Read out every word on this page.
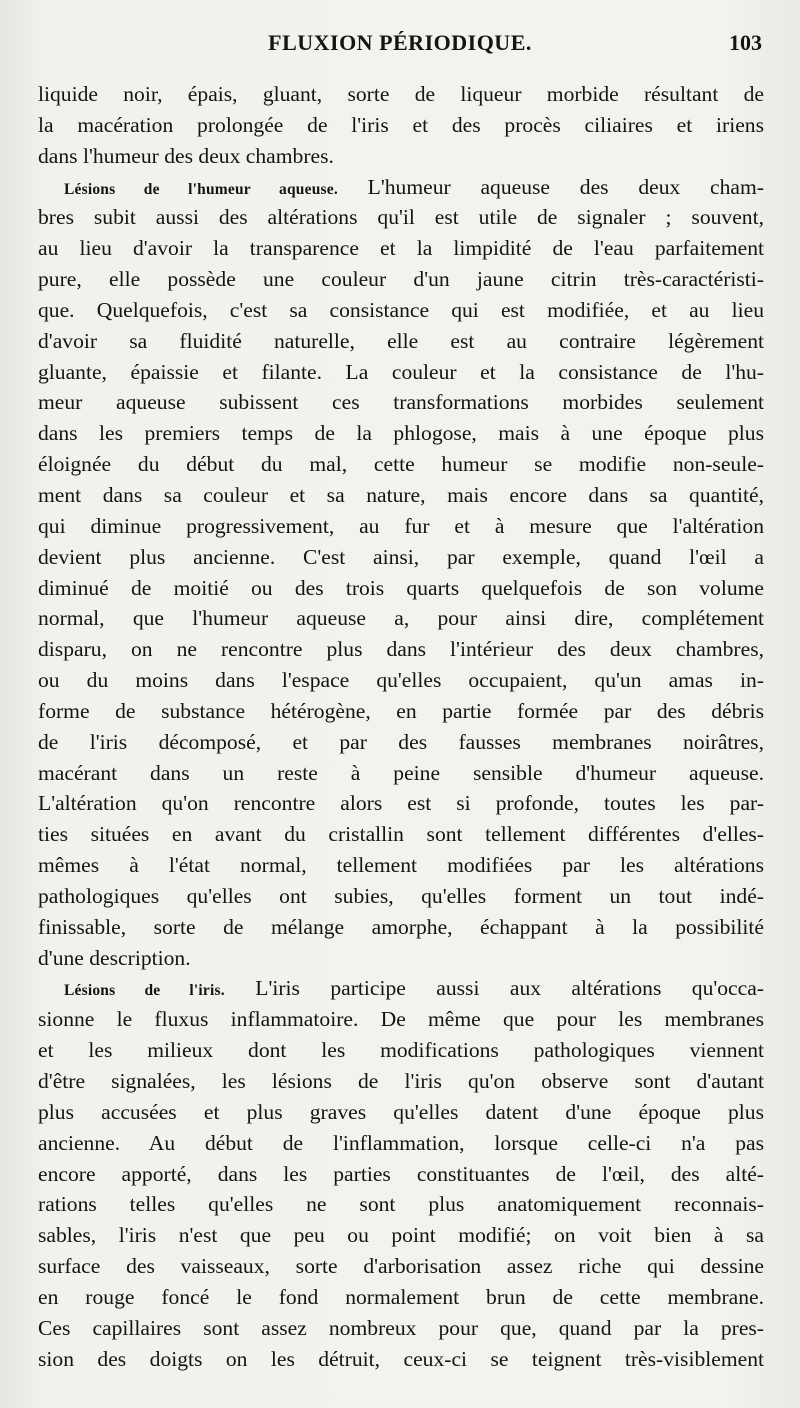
FLUXION PÉRIODIQUE.	103
liquide noir, épais, gluant, sorte de liqueur morbide résultant de
la macération prolongée de l'iris et des procès ciliaires et iriens
dans l'humeur des deux chambres.
Lésions de l'humeur aqueuse. L'humeur aqueuse des deux cham-
bres subit aussi des altérations qu'il est utile de signaler ; souvent,
au lieu d'avoir la transparence et la limpidité de l'eau parfaitement
pure, elle possède une couleur d'un jaune citrin très-caractéristi-
que. Quelquefois, c'est sa consistance qui est modifiée, et au lieu
d'avoir sa fluidité naturelle, elle est au contraire légèrement
gluante, épaissie et filante. La couleur et la consistance de l'hu-
meur aqueuse subissent ces transformations morbides seulement
dans les premiers temps de la phlogose, mais à une époque plus
éloignée du début du mal, cette humeur se modifie non-seule-
ment dans sa couleur et sa nature, mais encore dans sa quantité,
qui diminue progressivement, au fur et à mesure que l'altération
devient plus ancienne. C'est ainsi, par exemple, quand l'œil a
diminué de moitié ou des trois quarts quelquefois de son volume
normal, que l'humeur aqueuse a, pour ainsi dire, complétement
disparu, on ne rencontre plus dans l'intérieur des deux chambres,
ou du moins dans l'espace qu'elles occupaient, qu'un amas in-
forme de substance hétérogène, en partie formée par des débris
de l'iris décomposé, et par des fausses membranes noirâtres,
macérant dans un reste à peine sensible d'humeur aqueuse.
L'altération qu'on rencontre alors est si profonde, toutes les par-
ties situées en avant du cristallin sont tellement différentes d'elles-
mêmes à l'état normal, tellement modifiées par les altérations
pathologiques qu'elles ont subies, qu'elles forment un tout indé-
finissable, sorte de mélange amorphe, échappant à la possibilité
d'une description.
Lésions de l'iris. L'iris participe aussi aux altérations qu'occa-
sionne le fluxus inflammatoire. De même que pour les membranes
et les milieux dont les modifications pathologiques viennent
d'être signalées, les lésions de l'iris qu'on observe sont d'autant
plus accusées et plus graves qu'elles datent d'une époque plus
ancienne. Au début de l'inflammation, lorsque celle-ci n'a pas
encore apporté, dans les parties constituantes de l'œil, des alté-
rations telles qu'elles ne sont plus anatomiquement reconnais-
sables, l'iris n'est que peu ou point modifié; on voit bien à sa
surface des vaisseaux, sorte d'arborisation assez riche qui dessine
en rouge foncé le fond normalement brun de cette membrane.
Ces capillaires sont assez nombreux pour que, quand par la pres-
sion des doigts on les détruit, ceux-ci se teignent très-visiblement
